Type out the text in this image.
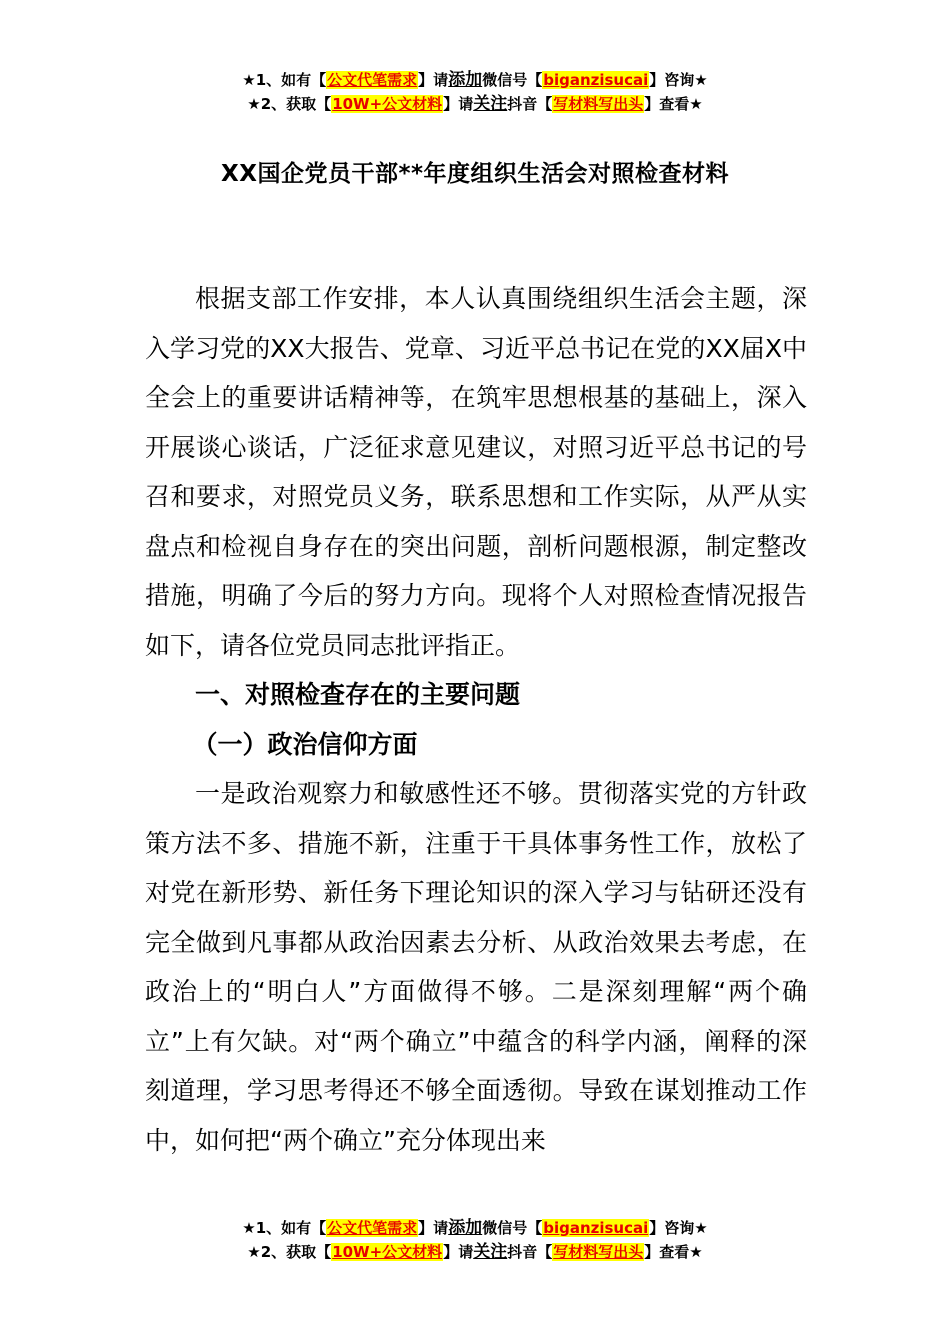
★1、如有【公文代笔需求】请添加微信号【biganzisucai】咨询★
★2、获取【10W+公文材料】请关注抖音【写材料写出头】查看★
XX国企党员干部**年度组织生活会对照检查材料

根据支部工作安排，本人认真围绕组织生活会主题，深入学习党的XX大报告、党章、习近平总书记在党的XX届X中全会上的重要讲话精神等，在筑牢思想根基的基础上，深入开展谈心谈话，广泛征求意见建议，对照习近平总书记的号召和要求，对照党员义务，联系思想和工作实际，从严从实盘点和检视自身存在的突出问题，剖析问题根源，制定整改措施，明确了今后的努力方向。现将个人对照检查情况报告如下，请各位党员同志批评指正。

一、对照检查存在的主要问题

（一）政治信仰方面

一是政治观察力和敏感性还不够。贯彻落实党的方针政策方法不多、措施不新，注重于干具体事务性工作，放松了对党在新形势、新任务下理论知识的深入学习与钻研还没有完全做到凡事都从政治因素去分析、从政治效果去考虑，在政治上的“明白人”方面做得不够。二是深刻理解“两个确立”上有欠缺。对“两个确立”中蕴含的科学内涵，阐释的深刻道理，学习思考得还不够全面透彻。导致在谋划推动工作中，如何把“两个确立”充分体现出来

★1、如有【公文代笔需求】请添加微信号【biganzisucai】咨询★
★2、获取【10W+公文材料】请关注抖音【写材料写出头】查看★
